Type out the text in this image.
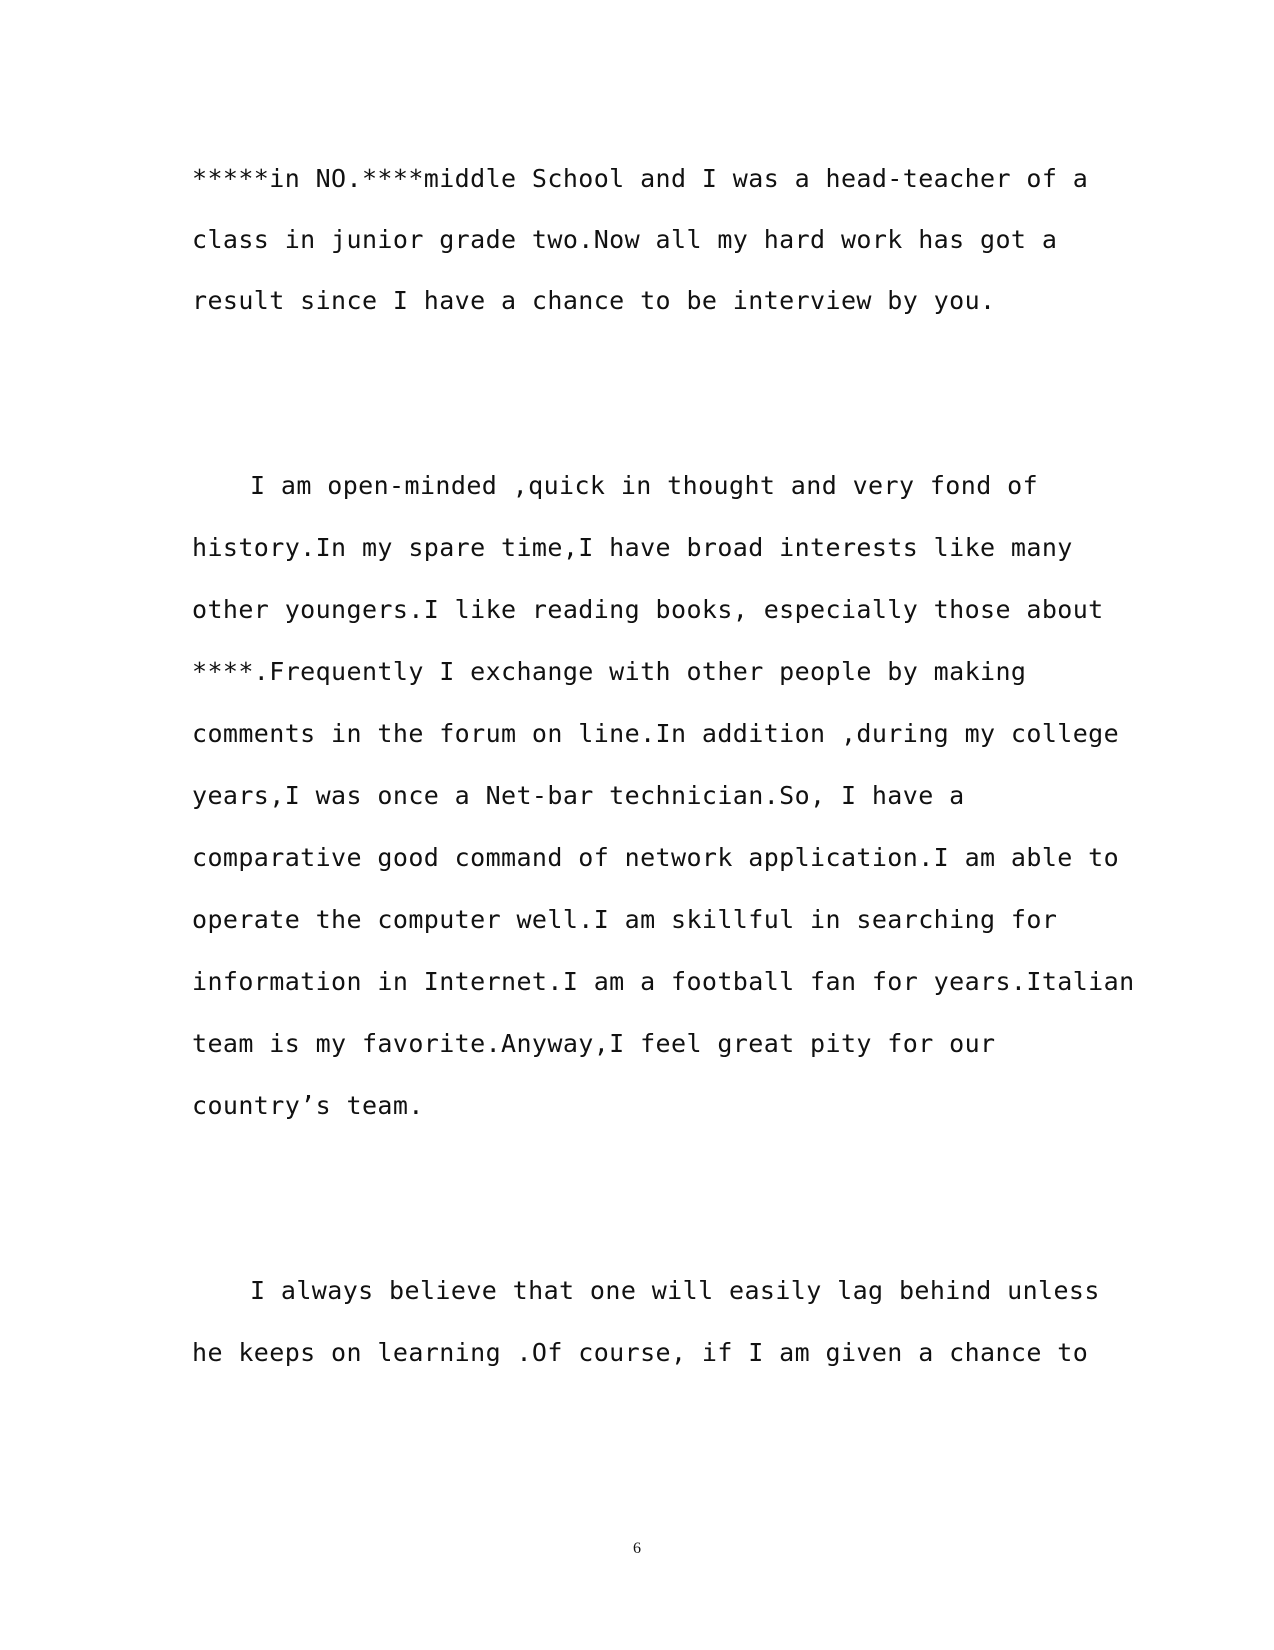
*****in NO.****middle School and I was a head-teacher of a
class in junior grade two.Now all my hard work has got a
result since I have a chance to be interview by you.
I am open-minded ,quick in thought and very fond of
history.In my spare time,I have broad interests like many
other youngers.I like reading books, especially those about
****.Frequently I exchange with other people by making
comments in the forum on line.In addition ,during my college
years,I was once a Net-bar technician.So, I have a
comparative good command of network application.I am able to
operate the computer well.I am skillful in searching for
information in Internet.I am a football fan for years.Italian
team is my favorite.Anyway,I feel great pity for our
country’s team.
I always believe that one will easily lag behind unless
he keeps on learning .Of course, if I am given a chance to
6
